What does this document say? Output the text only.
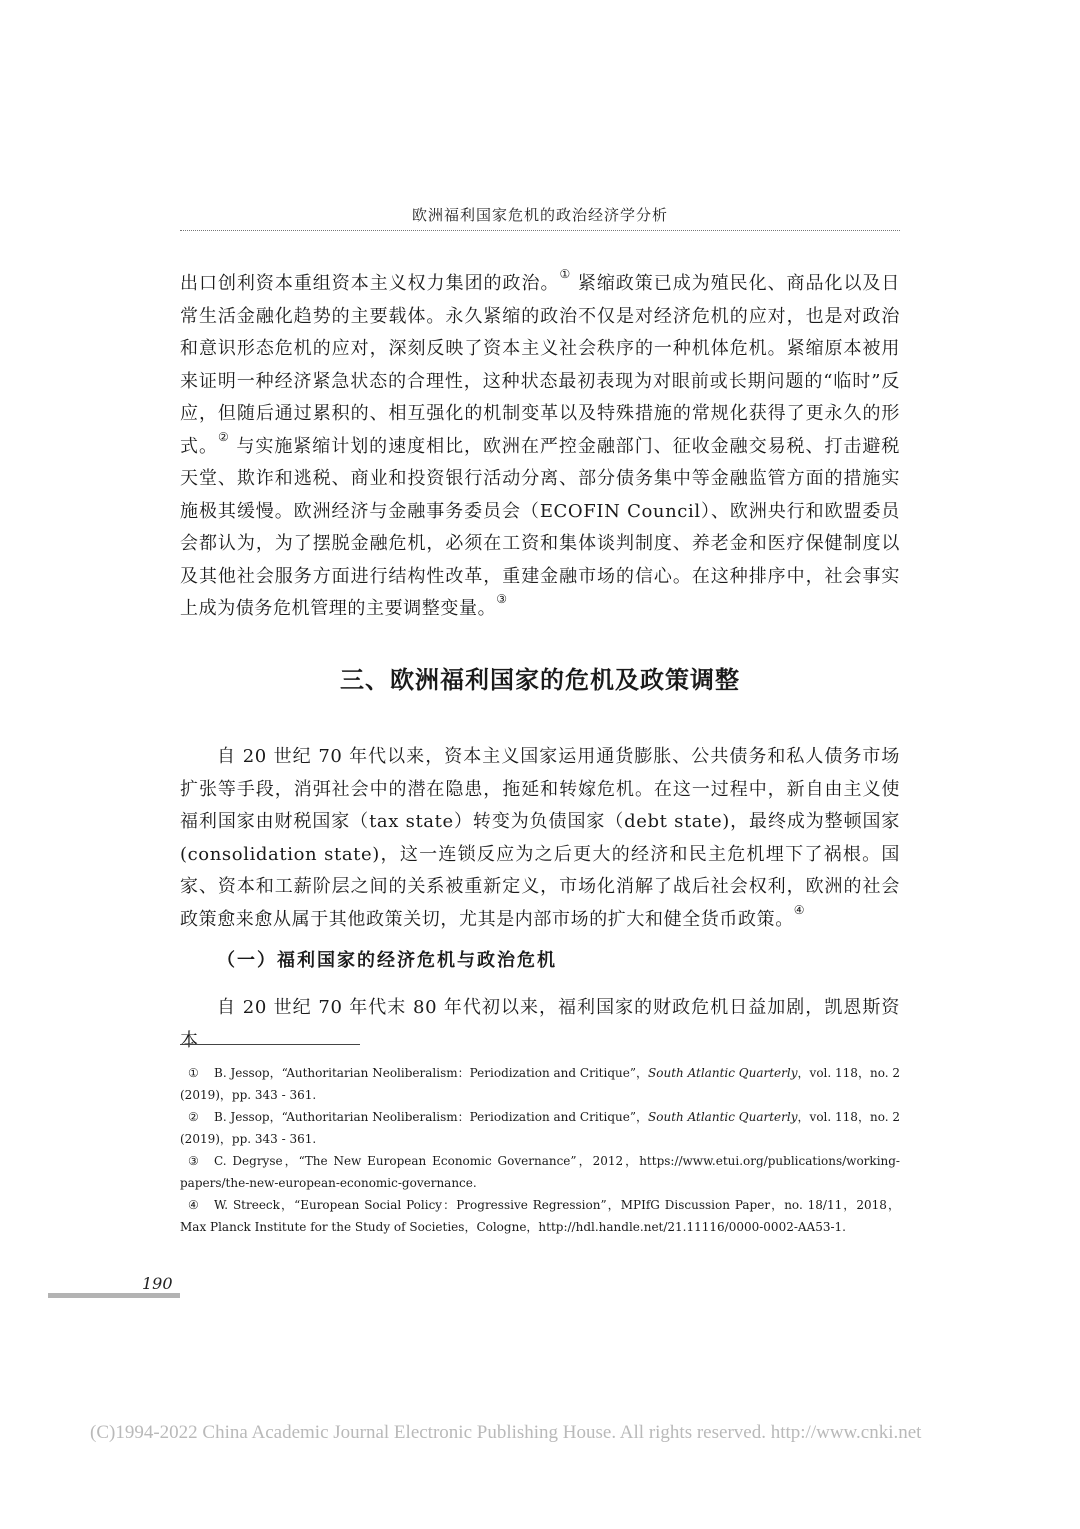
欧洲福利国家危机的政治经济学分析
出口创利资本重组资本主义权力集团的政治。① 紧缩政策已成为殖民化、商品化以及日常生活金融化趋势的主要载体。永久紧缩的政治不仅是对经济危机的应对，也是对政治和意识形态危机的应对，深刻反映了资本主义社会秩序的一种机体危机。紧缩原本被用来证明一种经济紧急状态的合理性，这种状态最初表现为对眼前或长期问题的“临时”反应，但随后通过累积的、相互强化的机制变革以及特殊措施的常规化获得了更永久的形式。② 与实施紧缩计划的速度相比，欧洲在严控金融部门、征收金融交易税、打击避税天堂、欺诈和逃税、商业和投资银行活动分离、部分债务集中等金融监管方面的措施实施极其缓慢。欧洲经济与金融事务委员会（ECOFIN Council）、欧洲央行和欧盟委员会都认为，为了摆脱金融危机，必须在工资和集体谈判制度、养老金和医疗保健制度以及其他社会服务方面进行结构性改革，重建金融市场的信心。在这种排序中，社会事实上成为债务危机管理的主要调整变量。③
三、欧洲福利国家的危机及政策调整
自 20 世纪 70 年代以来，资本主义国家运用通货膨胀、公共债务和私人债务市场扩张等手段，消弭社会中的潜在隐患，拖延和转嫁危机。在这一过程中，新自由主义使福利国家由财税国家（tax state）转变为负债国家（debt state)，最终成为整顿国家(consolidation state)，这一连锁反应为之后更大的经济和民主危机埋下了祸根。国家、资本和工薪阶层之间的关系被重新定义，市场化消解了战后社会权利，欧洲的社会政策愈来愈从属于其他政策关切，尤其是内部市场的扩大和健全货币政策。④
（一）福利国家的经济危机与政治危机
自 20 世纪 70 年代末 80 年代初以来，福利国家的财政危机日益加剧，凯恩斯资本
① B. Jessop，“Authoritarian Neoliberalism：Periodization and Critique”，South Atlantic Quarterly，vol. 118，no. 2 (2019)，pp. 343 - 361.
② B. Jessop，“Authoritarian Neoliberalism：Periodization and Critique”，South Atlantic Quarterly，vol. 118，no. 2 (2019)，pp. 343 - 361.
③ C. Degryse，“The New European Economic Governance”，2012，https://www.etui.org/publications/working-papers/the-new-european-economic-governance.
④ W. Streeck，“European Social Policy：Progressive Regression”，MPIfG Discussion Paper，no. 18/11，2018，Max Planck Institute for the Study of Societies，Cologne，http://hdl.handle.net/21.11116/0000-0002-AA53-1.
190
(C)1994-2022 China Academic Journal Electronic Publishing House. All rights reserved. http://www.cnki.net
